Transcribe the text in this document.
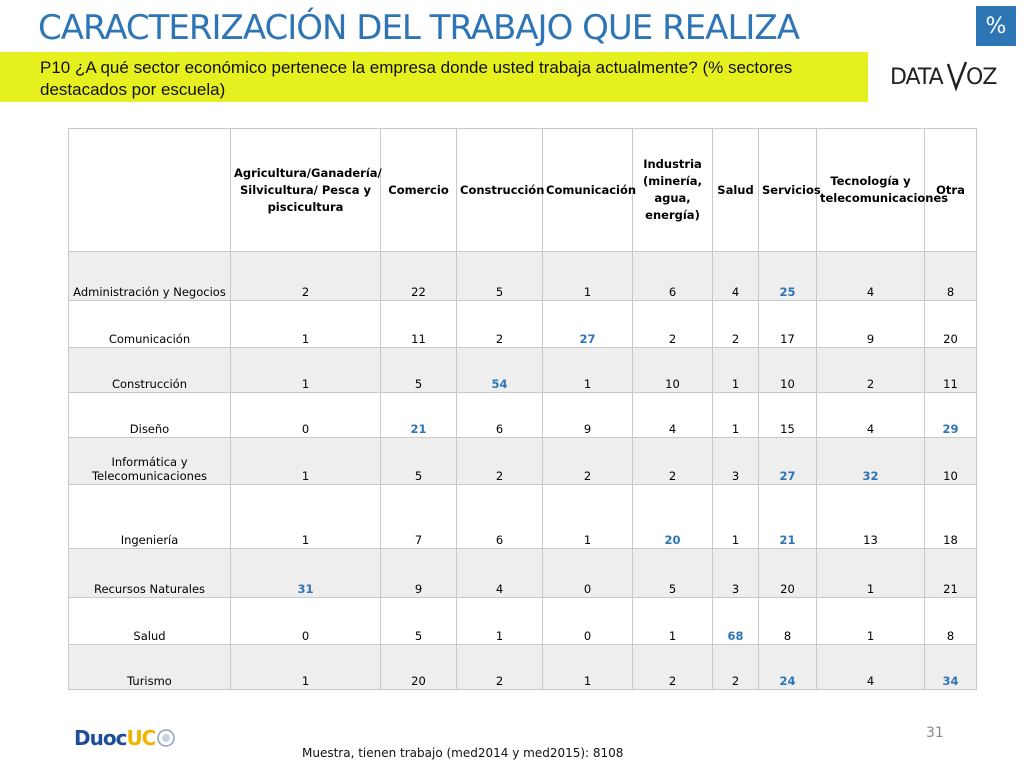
CARACTERIZACIÓN DEL TRABAJO QUE REALIZA	%
P10 ¿A qué sector económico pertenece la empresa donde usted trabaja actualmente? (% sectores destacados por escuela)	DATA OZ
	Agricultura/Ganadería/ Silvicultura/ Pesca y piscicultura	Comercio	Construcción	Comunicación	Industria (minería, agua, energía)	Salud	Servicios	Tecnología y telecomunicaciones	Otra
Administración y Negocios	2	22	5	1	6	4	25	4	8
Comunicación	1	11	2	27	2	2	17	9	20
Construcción	1	5	54	1	10	1	10	2	11
Diseño	0	21	6	9	4	1	15	4	29
Informática y Telecomunicaciones	1	5	2	2	2	3	27	32	10
Ingeniería	1	7	6	1	20	1	21	13	18
Recursos Naturales	31	9	4	0	5	3	20	1	21
Salud	0	5	1	0	1	68	8	1	8
Turismo	1	20	2	1	2	2	24	4	34
Duoc UC	31
Muestra, tienen trabajo (med2014 y med2015): 8108
